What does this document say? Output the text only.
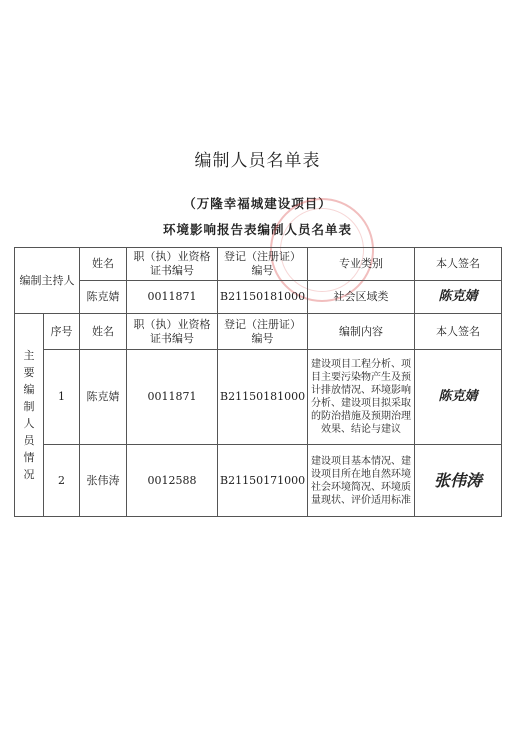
编制人员名单表
（万隆幸福城建设项目）
环境影响报告表编制人员名单表
编制主持人		姓名	职（执）业资格证书编号	登记（注册证）编号	专业类别	本人签名
		陈克婧	0011871	B21150181000	社会区域类	陈克婧
主要编制人员情况	序号	姓名	职（执）业资格证书编号	登记（注册证）编号	编制内容	本人签名
	1	陈克婧	0011871	B21150181000	建设项目工程分析、项目主要污染物产生及预计排放情况、环境影响分析、建设项目拟采取的防治措施及预期治理效果、结论与建议	陈克婧
	2	张伟涛	0012588	B21150171000	建设项目基本情况、建设项目所在地自然环境社会环境简况、环境质量现状、评价适用标准	张伟涛
